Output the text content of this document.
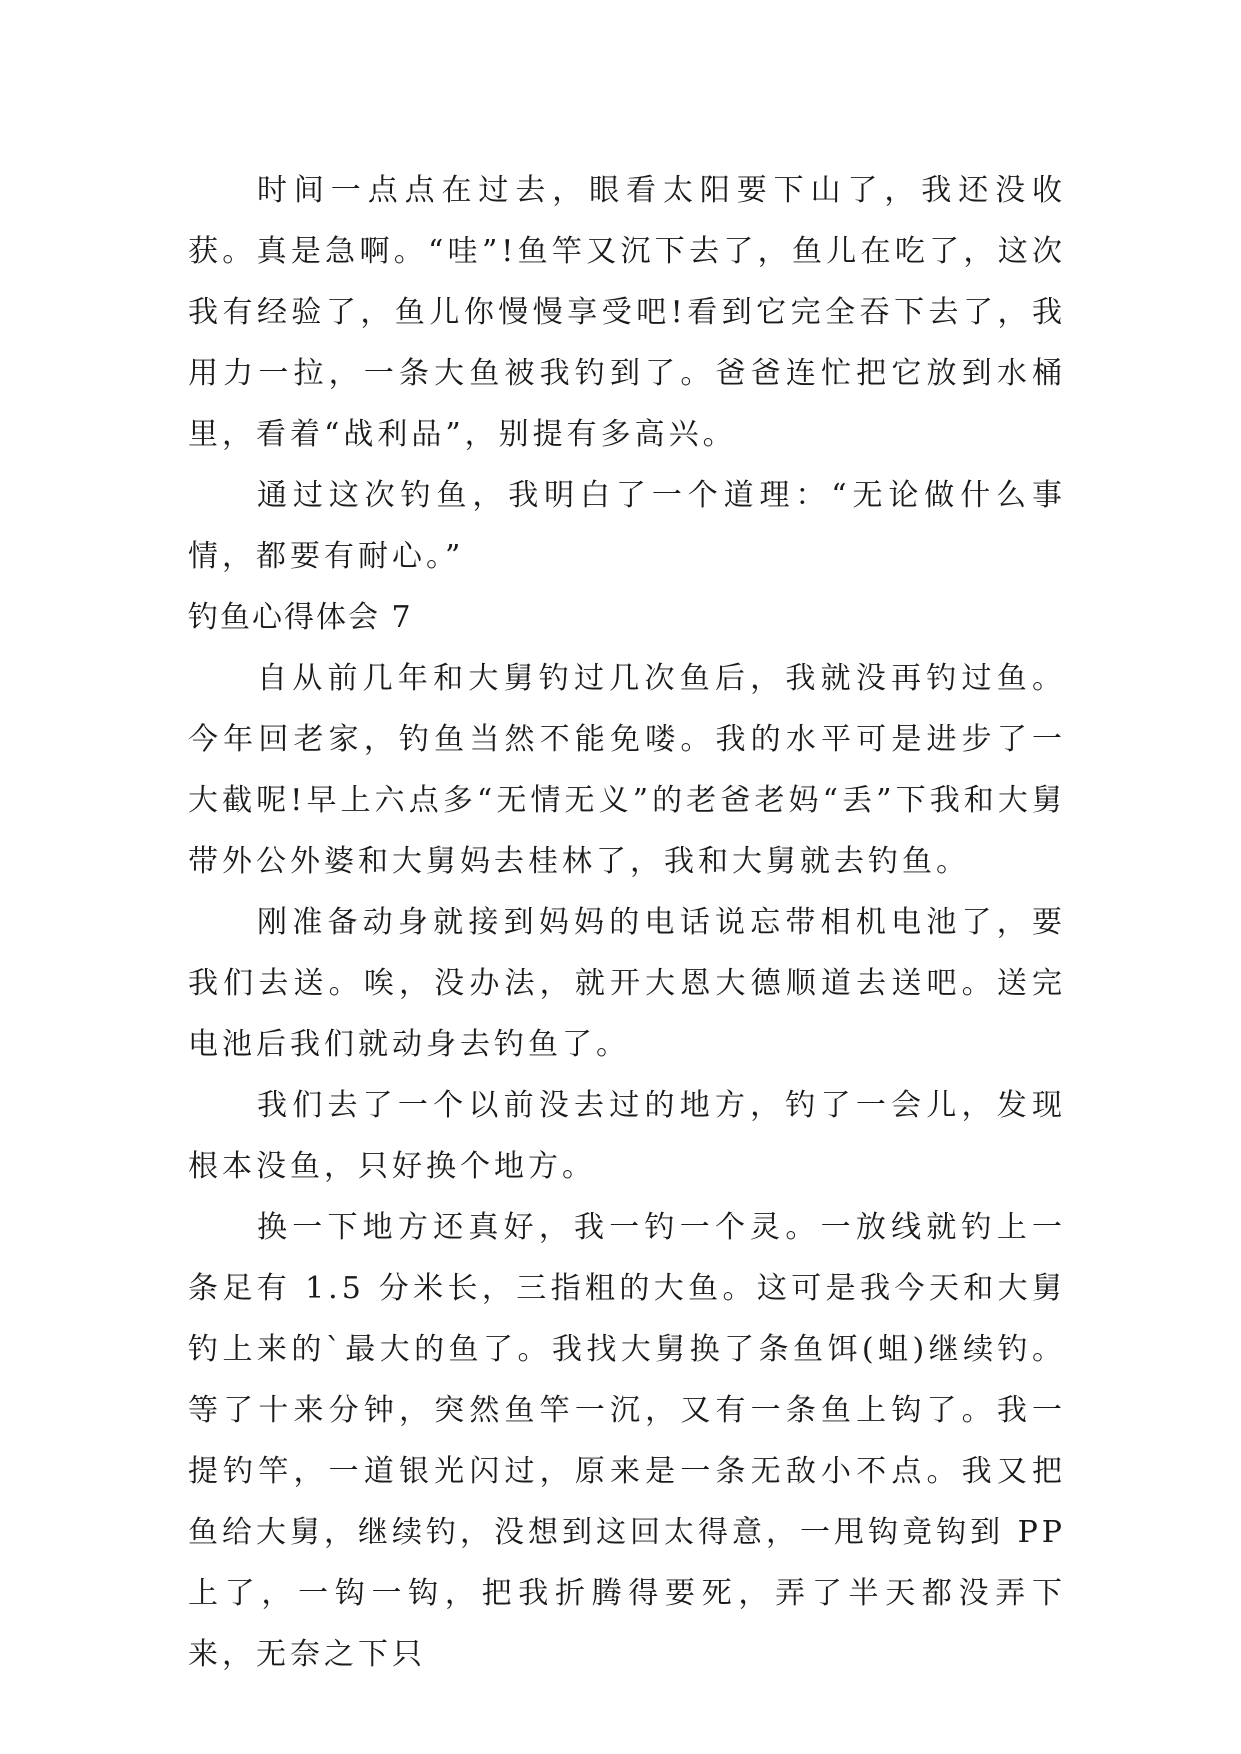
时间一点点在过去，眼看太阳要下山了，我还没收获。真是急啊。“哇”!鱼竿又沉下去了，鱼儿在吃了，这次我有经验了，鱼儿你慢慢享受吧!看到它完全吞下去了，我用力一拉，一条大鱼被我钓到了。爸爸连忙把它放到水桶里，看着“战利品”，别提有多高兴。

通过这次钓鱼，我明白了一个道理：“无论做什么事情，都要有耐心。”

钓鱼心得体会 7

自从前几年和大舅钓过几次鱼后，我就没再钓过鱼。今年回老家，钓鱼当然不能免喽。我的水平可是进步了一大截呢!早上六点多“无情无义”的老爸老妈“丢”下我和大舅带外公外婆和大舅妈去桂林了，我和大舅就去钓鱼。

刚准备动身就接到妈妈的电话说忘带相机电池了，要我们去送。唉，没办法，就开大恩大德顺道去送吧。送完电池后我们就动身去钓鱼了。

我们去了一个以前没去过的地方，钓了一会儿，发现根本没鱼，只好换个地方。

换一下地方还真好，我一钓一个灵。一放线就钓上一条足有 1.5 分米长，三指粗的大鱼。这可是我今天和大舅钓上来的`最大的鱼了。我找大舅换了条鱼饵(蛆)继续钓。等了十来分钟，突然鱼竿一沉，又有一条鱼上钩了。我一提钓竿，一道银光闪过，原来是一条无敌小不点。我又把鱼给大舅，继续钓，没想到这回太得意，一甩钩竟钩到 PP 上了，一钩一钩，把我折腾得要死，弄了半天都没弄下来，无奈之下只
